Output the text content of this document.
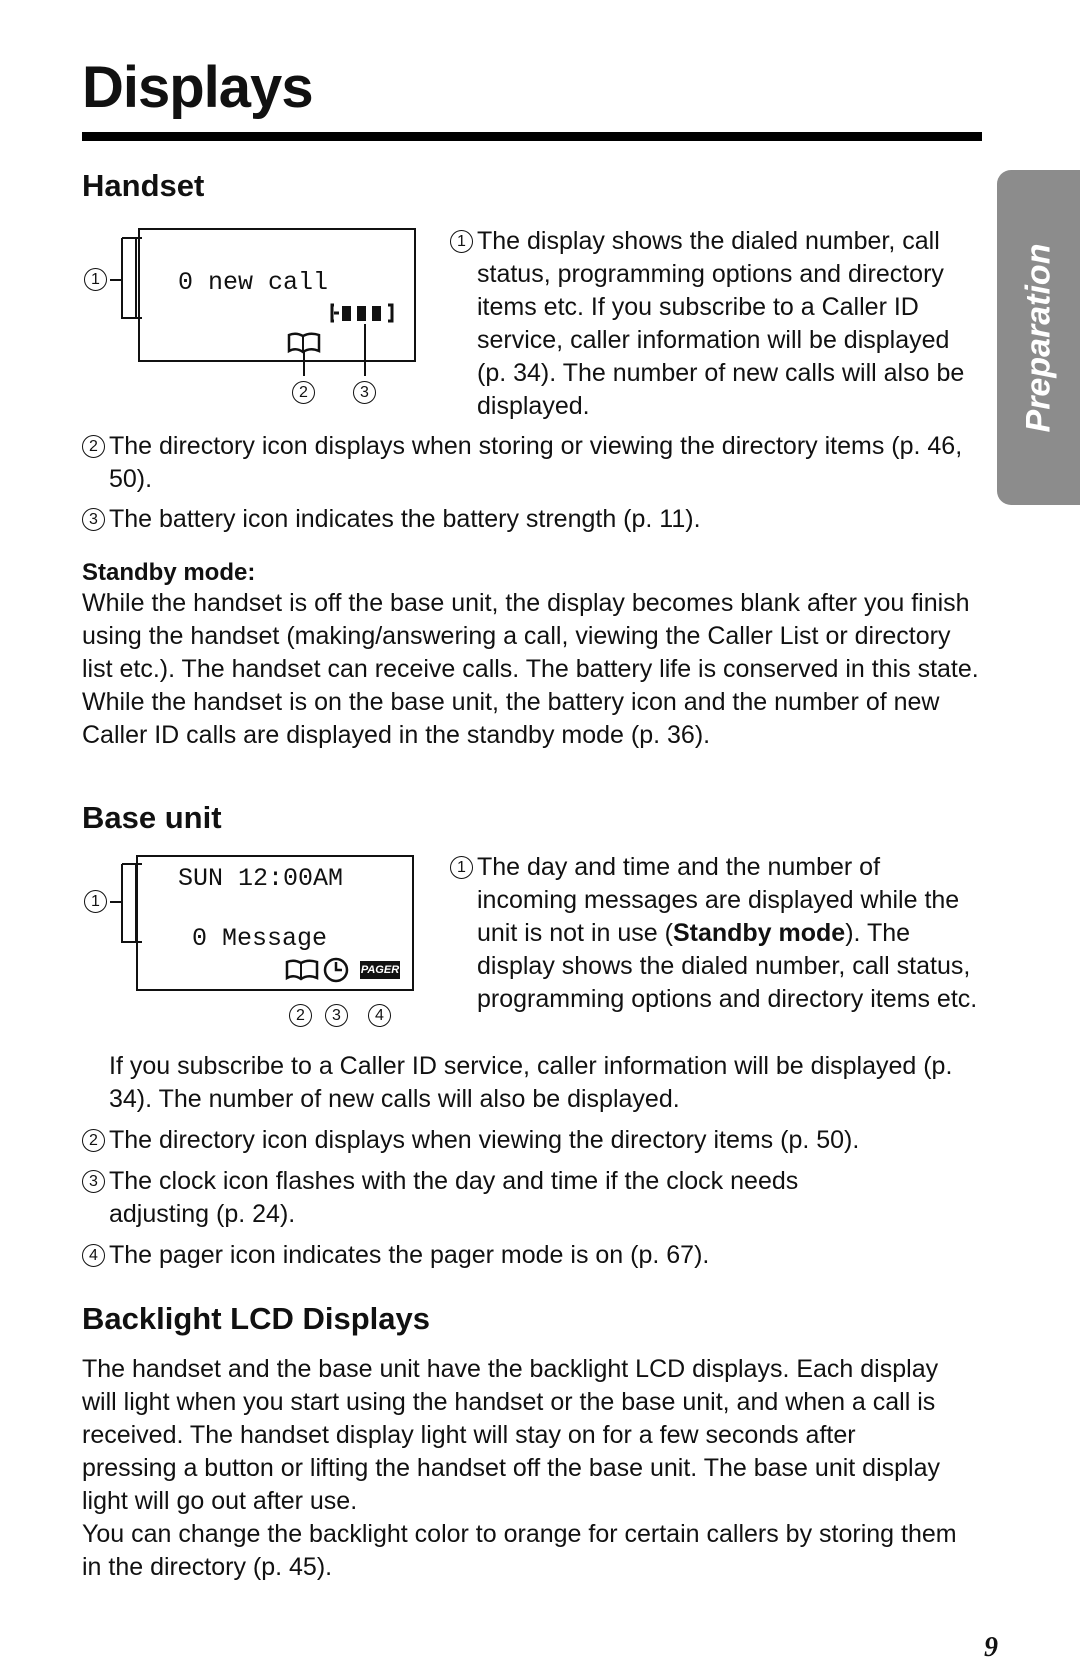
Displays
Preparation
Handset
0 new call
1
2	3
1 The display shows the dialed number, call status, programming options and directory items etc. If you subscribe to a Caller ID service, caller information will be displayed (p. 34). The number of new calls will also be displayed.
2 The directory icon displays when storing or viewing the directory items (p. 46, 50).
3 The battery icon indicates the battery strength (p. 11).
Standby mode:

While the handset is off the base unit, the display becomes blank after you finish using the handset (making/answering a call, viewing the Caller List or directory list etc.). The handset can receive calls. The battery life is conserved in this state. While the handset is on the base unit, the battery icon and the number of new Caller ID calls are displayed in the standby mode (p. 36).

Base unit
SUN 12:00AM
0 Message
1
PAGER
2	3	4
1 The day and time and the number of incoming messages are displayed while the unit is not in use (Standby mode). The display shows the dialed number, call status, programming options and directory items etc.

If you subscribe to a Caller ID service, caller information will be displayed (p. 34). The number of new calls will also be displayed.

2 The directory icon displays when viewing the directory items (p. 50).
3 The clock icon flashes with the day and time if the clock needs adjusting (p. 24).
4 The pager icon indicates the pager mode is on (p. 67).
Backlight LCD Displays

The handset and the base unit have the backlight LCD displays. Each display will light when you start using the handset or the base unit, and when a call is received. The handset display light will stay on for a few seconds after pressing a button or lifting the handset off the base unit. The base unit display light will go out after use.

You can change the backlight color to orange for certain callers by storing them in the directory (p. 45).

9
